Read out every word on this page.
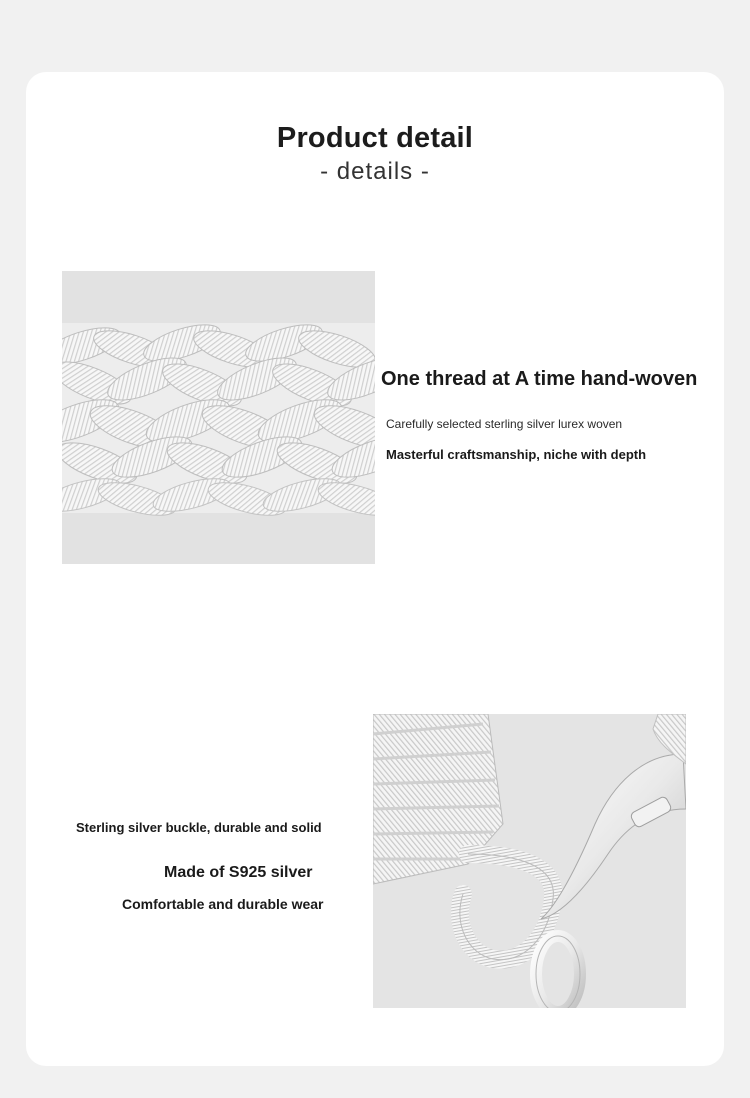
Product detail
- details -
One thread at A time hand-woven
Carefully selected sterling silver lurex woven
Masterful craftsmanship, niche with depth
Sterling silver buckle, durable and solid
Made of S925 silver
Comfortable and durable wear
